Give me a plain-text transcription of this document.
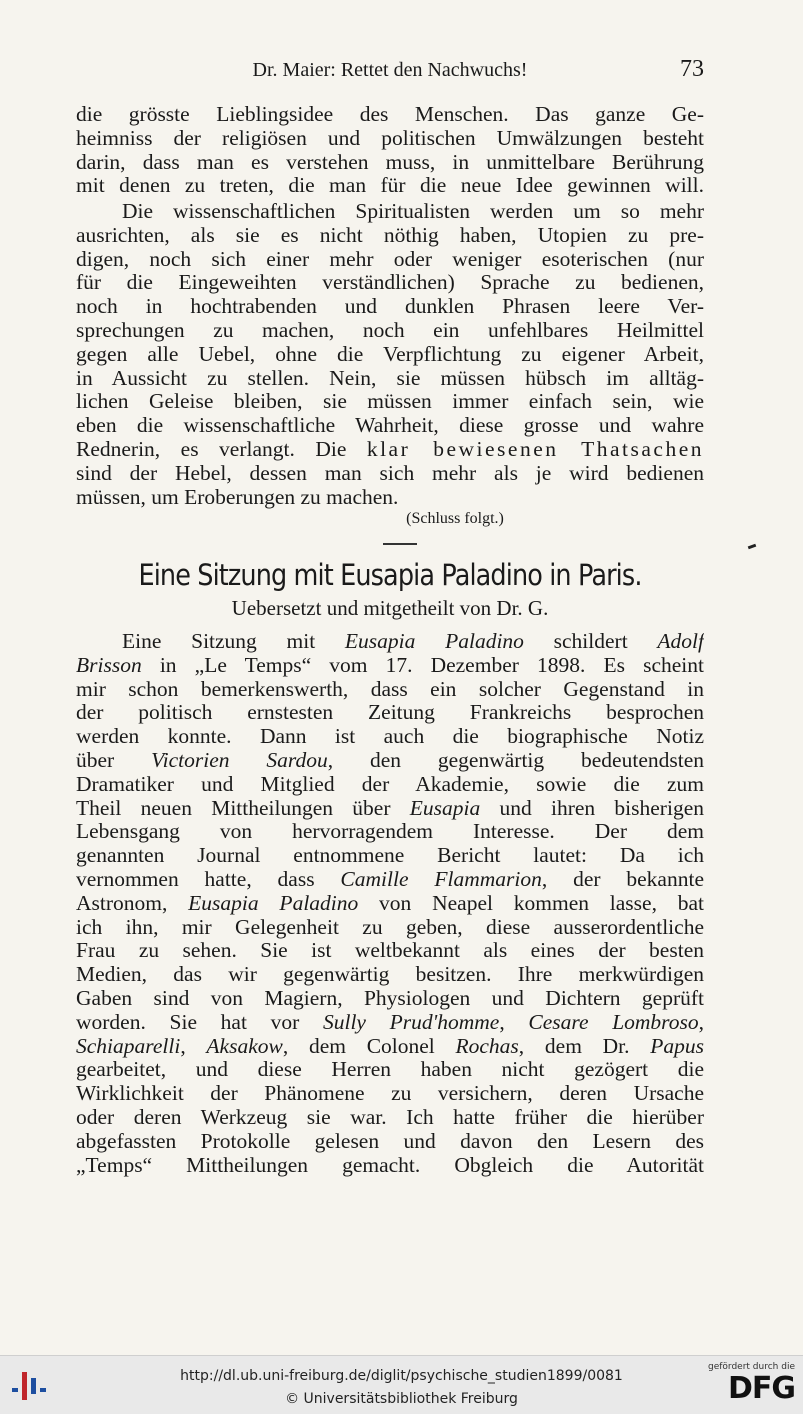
Dr. Maier: Rettet den Nachwuchs!	73
die grösste Lieblingsidee des Menschen. Das ganze Ge-
heimniss der religiösen und politischen Umwälzungen besteht
darin, dass man es verstehen muss, in unmittelbare Berührung
mit denen zu treten, die man für die neue Idee gewinnen will.
Die wissenschaftlichen Spiritualisten werden um so mehr
ausrichten, als sie es nicht nöthig haben, Utopien zu pre-
digen, noch sich einer mehr oder weniger esoterischen (nur
für die Eingeweihten verständlichen) Sprache zu bedienen,
noch in hochtrabenden und dunklen Phrasen leere Ver-
sprechungen zu machen, noch ein unfehlbares Heilmittel
gegen alle Uebel, ohne die Verpflichtung zu eigener Arbeit,
in Aussicht zu stellen. Nein, sie müssen hübsch im alltäg-
lichen Geleise bleiben, sie müssen immer einfach sein, wie
eben die wissenschaftliche Wahrheit, diese grosse und wahre
Rednerin, es verlangt. Die klar bewiesenen Thatsachen
sind der Hebel, dessen man sich mehr als je wird bedienen
müssen, um Eroberungen zu machen.
(Schluss folgt.)
Eine Sitzung mit Eusapia Paladino in Paris.
Uebersetzt und mitgetheilt von Dr. G.
Eine Sitzung mit Eusapia Paladino schildert Adolf
Brisson in „Le Temps“ vom 17. Dezember 1898. Es scheint
mir schon bemerkenswerth, dass ein solcher Gegenstand in
der politisch ernstesten Zeitung Frankreichs besprochen
werden konnte. Dann ist auch die biographische Notiz
über Victorien Sardou, den gegenwärtig bedeutendsten
Dramatiker und Mitglied der Akademie, sowie die zum
Theil neuen Mittheilungen über Eusapia und ihren bisherigen
Lebensgang von hervorragendem Interesse. Der dem
genannten Journal entnommene Bericht lautet: Da ich
vernommen hatte, dass Camille Flammarion, der bekannte
Astronom, Eusapia Paladino von Neapel kommen lasse, bat
ich ihn, mir Gelegenheit zu geben, diese ausserordentliche
Frau zu sehen. Sie ist weltbekannt als eines der besten
Medien, das wir gegenwärtig besitzen. Ihre merkwürdigen
Gaben sind von Magiern, Physiologen und Dichtern geprüft
worden. Sie hat vor Sully Prud'homme, Cesare Lombroso,
Schiaparelli, Aksakow, dem Colonel Rochas, dem Dr. Papus
gearbeitet, und diese Herren haben nicht gezögert die
Wirklichkeit der Phänomene zu versichern, deren Ursache
oder deren Werkzeug sie war. Ich hatte früher die hierüber
abgefassten Protokolle gelesen und davon den Lesern des
„Temps“ Mittheilungen gemacht. Obgleich die Autorität
http://dl.ub.uni-freiburg.de/diglit/psychische_studien1899/0081
© Universitätsbibliothek Freiburg
gefördert durch die
DFG
